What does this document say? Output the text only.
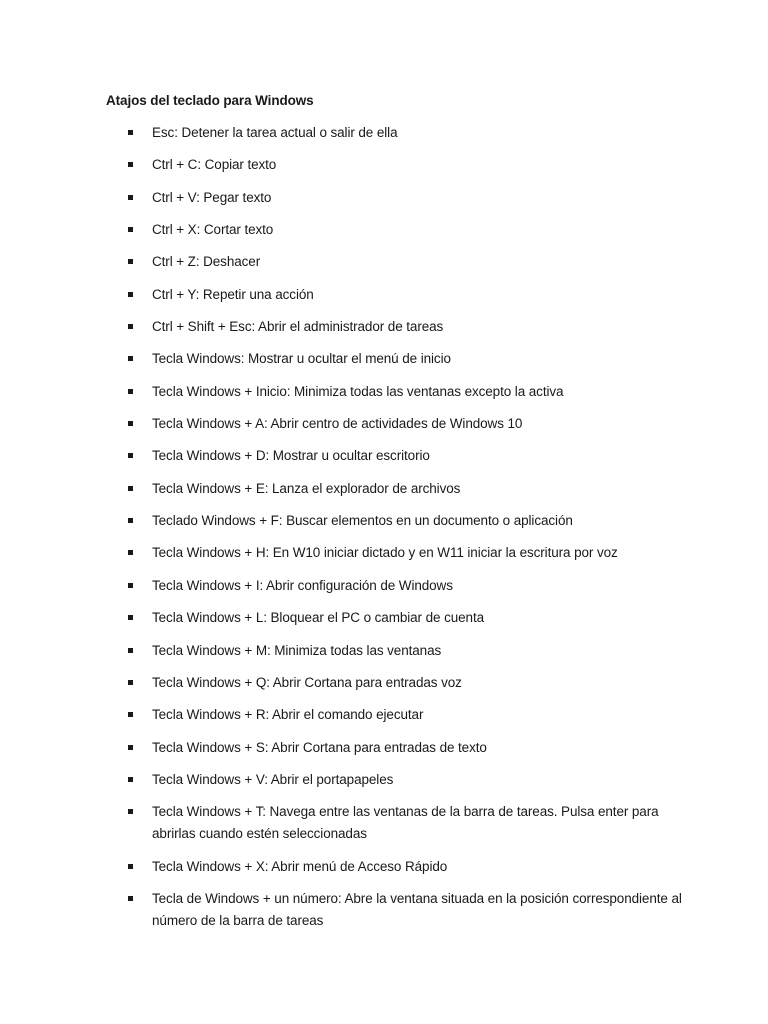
Atajos del teclado para Windows
Esc: Detener la tarea actual o salir de ella
Ctrl + C: Copiar texto
Ctrl + V: Pegar texto
Ctrl + X: Cortar texto
Ctrl + Z: Deshacer
Ctrl + Y: Repetir una acción
Ctrl + Shift + Esc: Abrir el administrador de tareas
Tecla Windows: Mostrar u ocultar el menú de inicio
Tecla Windows + Inicio: Minimiza todas las ventanas excepto la activa
Tecla Windows + A: Abrir centro de actividades de Windows 10
Tecla Windows + D: Mostrar u ocultar escritorio
Tecla Windows + E: Lanza el explorador de archivos
Teclado Windows + F: Buscar elementos en un documento o aplicación
Tecla Windows + H: En W10 iniciar dictado y en W11 iniciar la escritura por voz
Tecla Windows + I: Abrir configuración de Windows
Tecla Windows + L: Bloquear el PC o cambiar de cuenta
Tecla Windows + M: Minimiza todas las ventanas
Tecla Windows + Q: Abrir Cortana para entradas voz
Tecla Windows + R: Abrir el comando ejecutar
Tecla Windows + S: Abrir Cortana para entradas de texto
Tecla Windows + V: Abrir el portapapeles
Tecla Windows + T: Navega entre las ventanas de la barra de tareas. Pulsa enter para abrirlas cuando estén seleccionadas
Tecla Windows + X: Abrir menú de Acceso Rápido
Tecla de Windows + un número: Abre la ventana situada en la posición correspondiente al número de la barra de tareas
